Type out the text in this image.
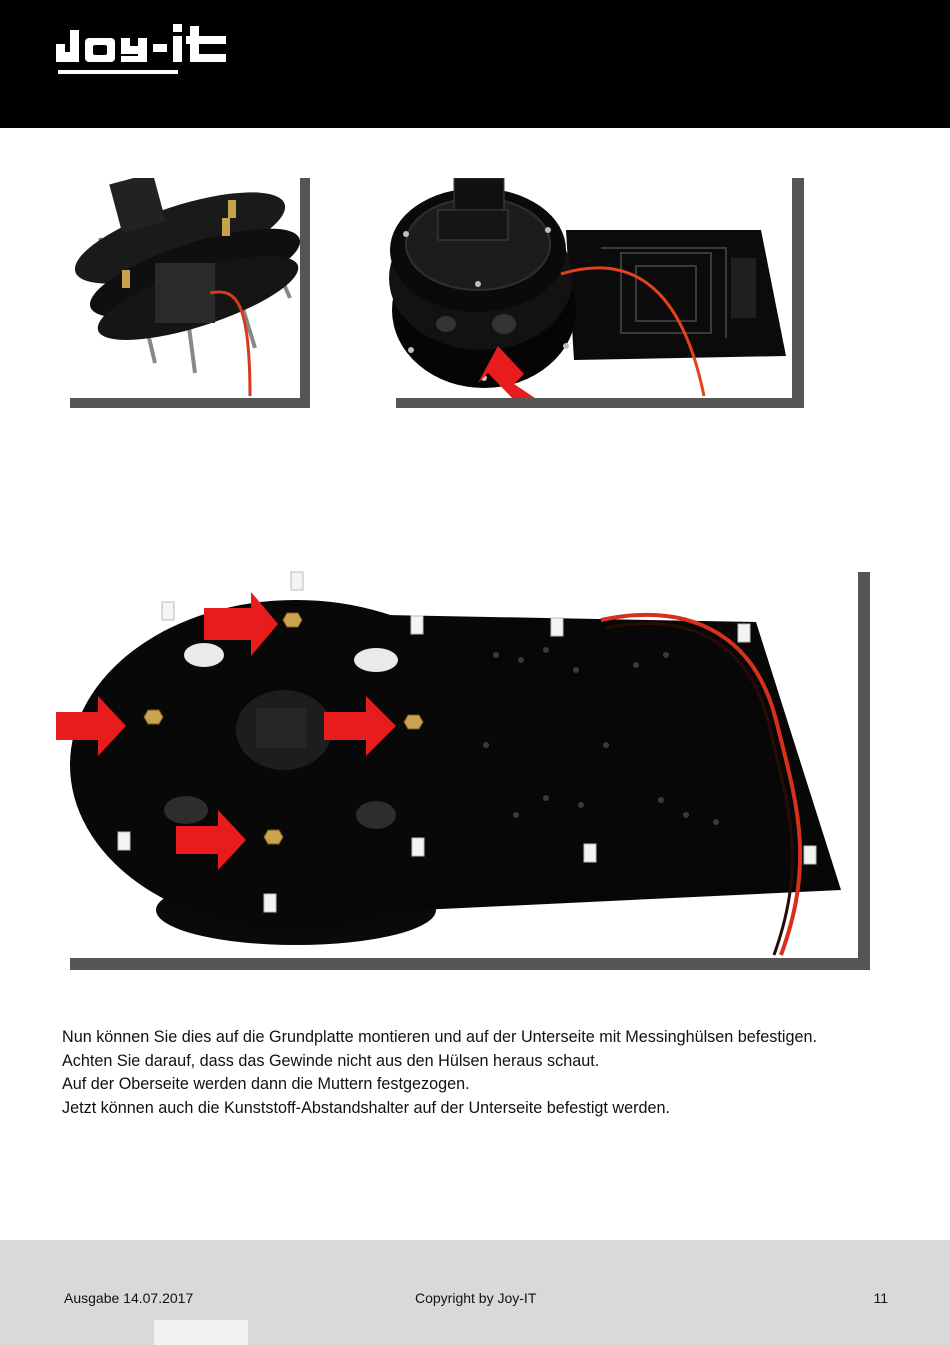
Nun können Sie dies auf die Grundplatte montieren und auf der Unterseite mit Messinghülsen befestigen.

Achten Sie darauf, dass das Gewinde nicht aus den Hülsen heraus schaut.

Auf der Oberseite werden dann die Muttern festgezogen.

Jetzt können auch die Kunststoff-Abstandshalter auf der Unterseite befestigt werden.

Ausgabe 14.07.2017	Copyright by Joy-IT	11
